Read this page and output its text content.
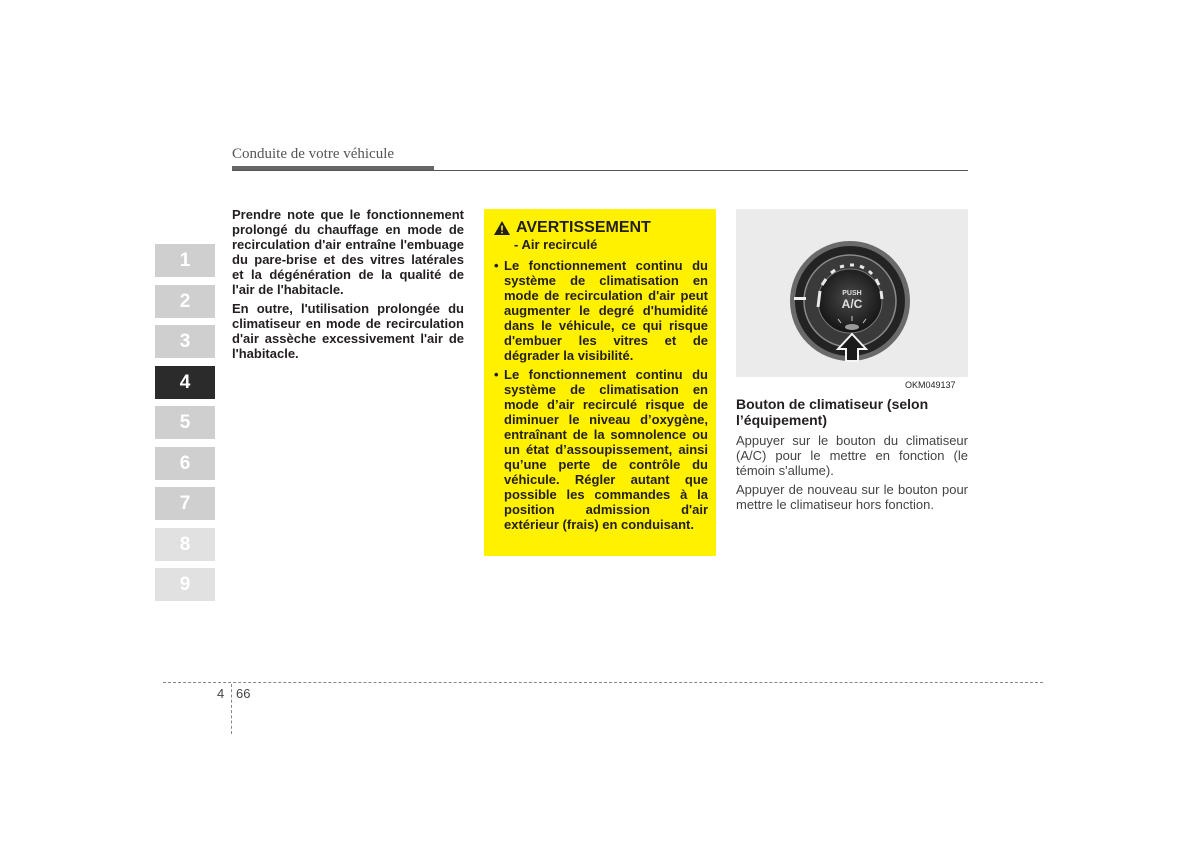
Conduite de votre véhicule
1
2
3
4
5
6
7
8
9

Prendre note que le fonctionnement prolongé du chauffage en mode de recirculation d'air entraîne l'embuage du pare-brise et des vitres latérales et la dégénération de la qualité de l'air de l'habitacle.

En outre, l'utilisation prolongée du climatiseur en mode de recirculation d'air assèche excessivement l'air de l'habitacle.

AVERTISSEMENT
- Air recirculé
• Le fonctionnement continu du système de climatisation en mode de recirculation d'air peut augmenter le degré d'humidité dans le véhicule, ce qui risque d'embuer les vitres et de dégrader la visibilité.
• Le fonctionnement continu du système de climatisation en mode d’air recirculé risque de diminuer le niveau d’oxygène, entraînant de la somnolence ou un état d’assoupissement, ainsi qu’une perte de contrôle du véhicule. Régler autant que possible les commandes à la position admission d'air extérieur (frais) en conduisant.
PUSH
A/C
OKM049137
Bouton de climatiseur (selon l’équipement)

Appuyer sur le bouton du climatiseur (A/C) pour le mettre en fonction (le témoin s'allume).

Appuyer de nouveau sur le bouton pour mettre le climatiseur hors fonction.

4 66
